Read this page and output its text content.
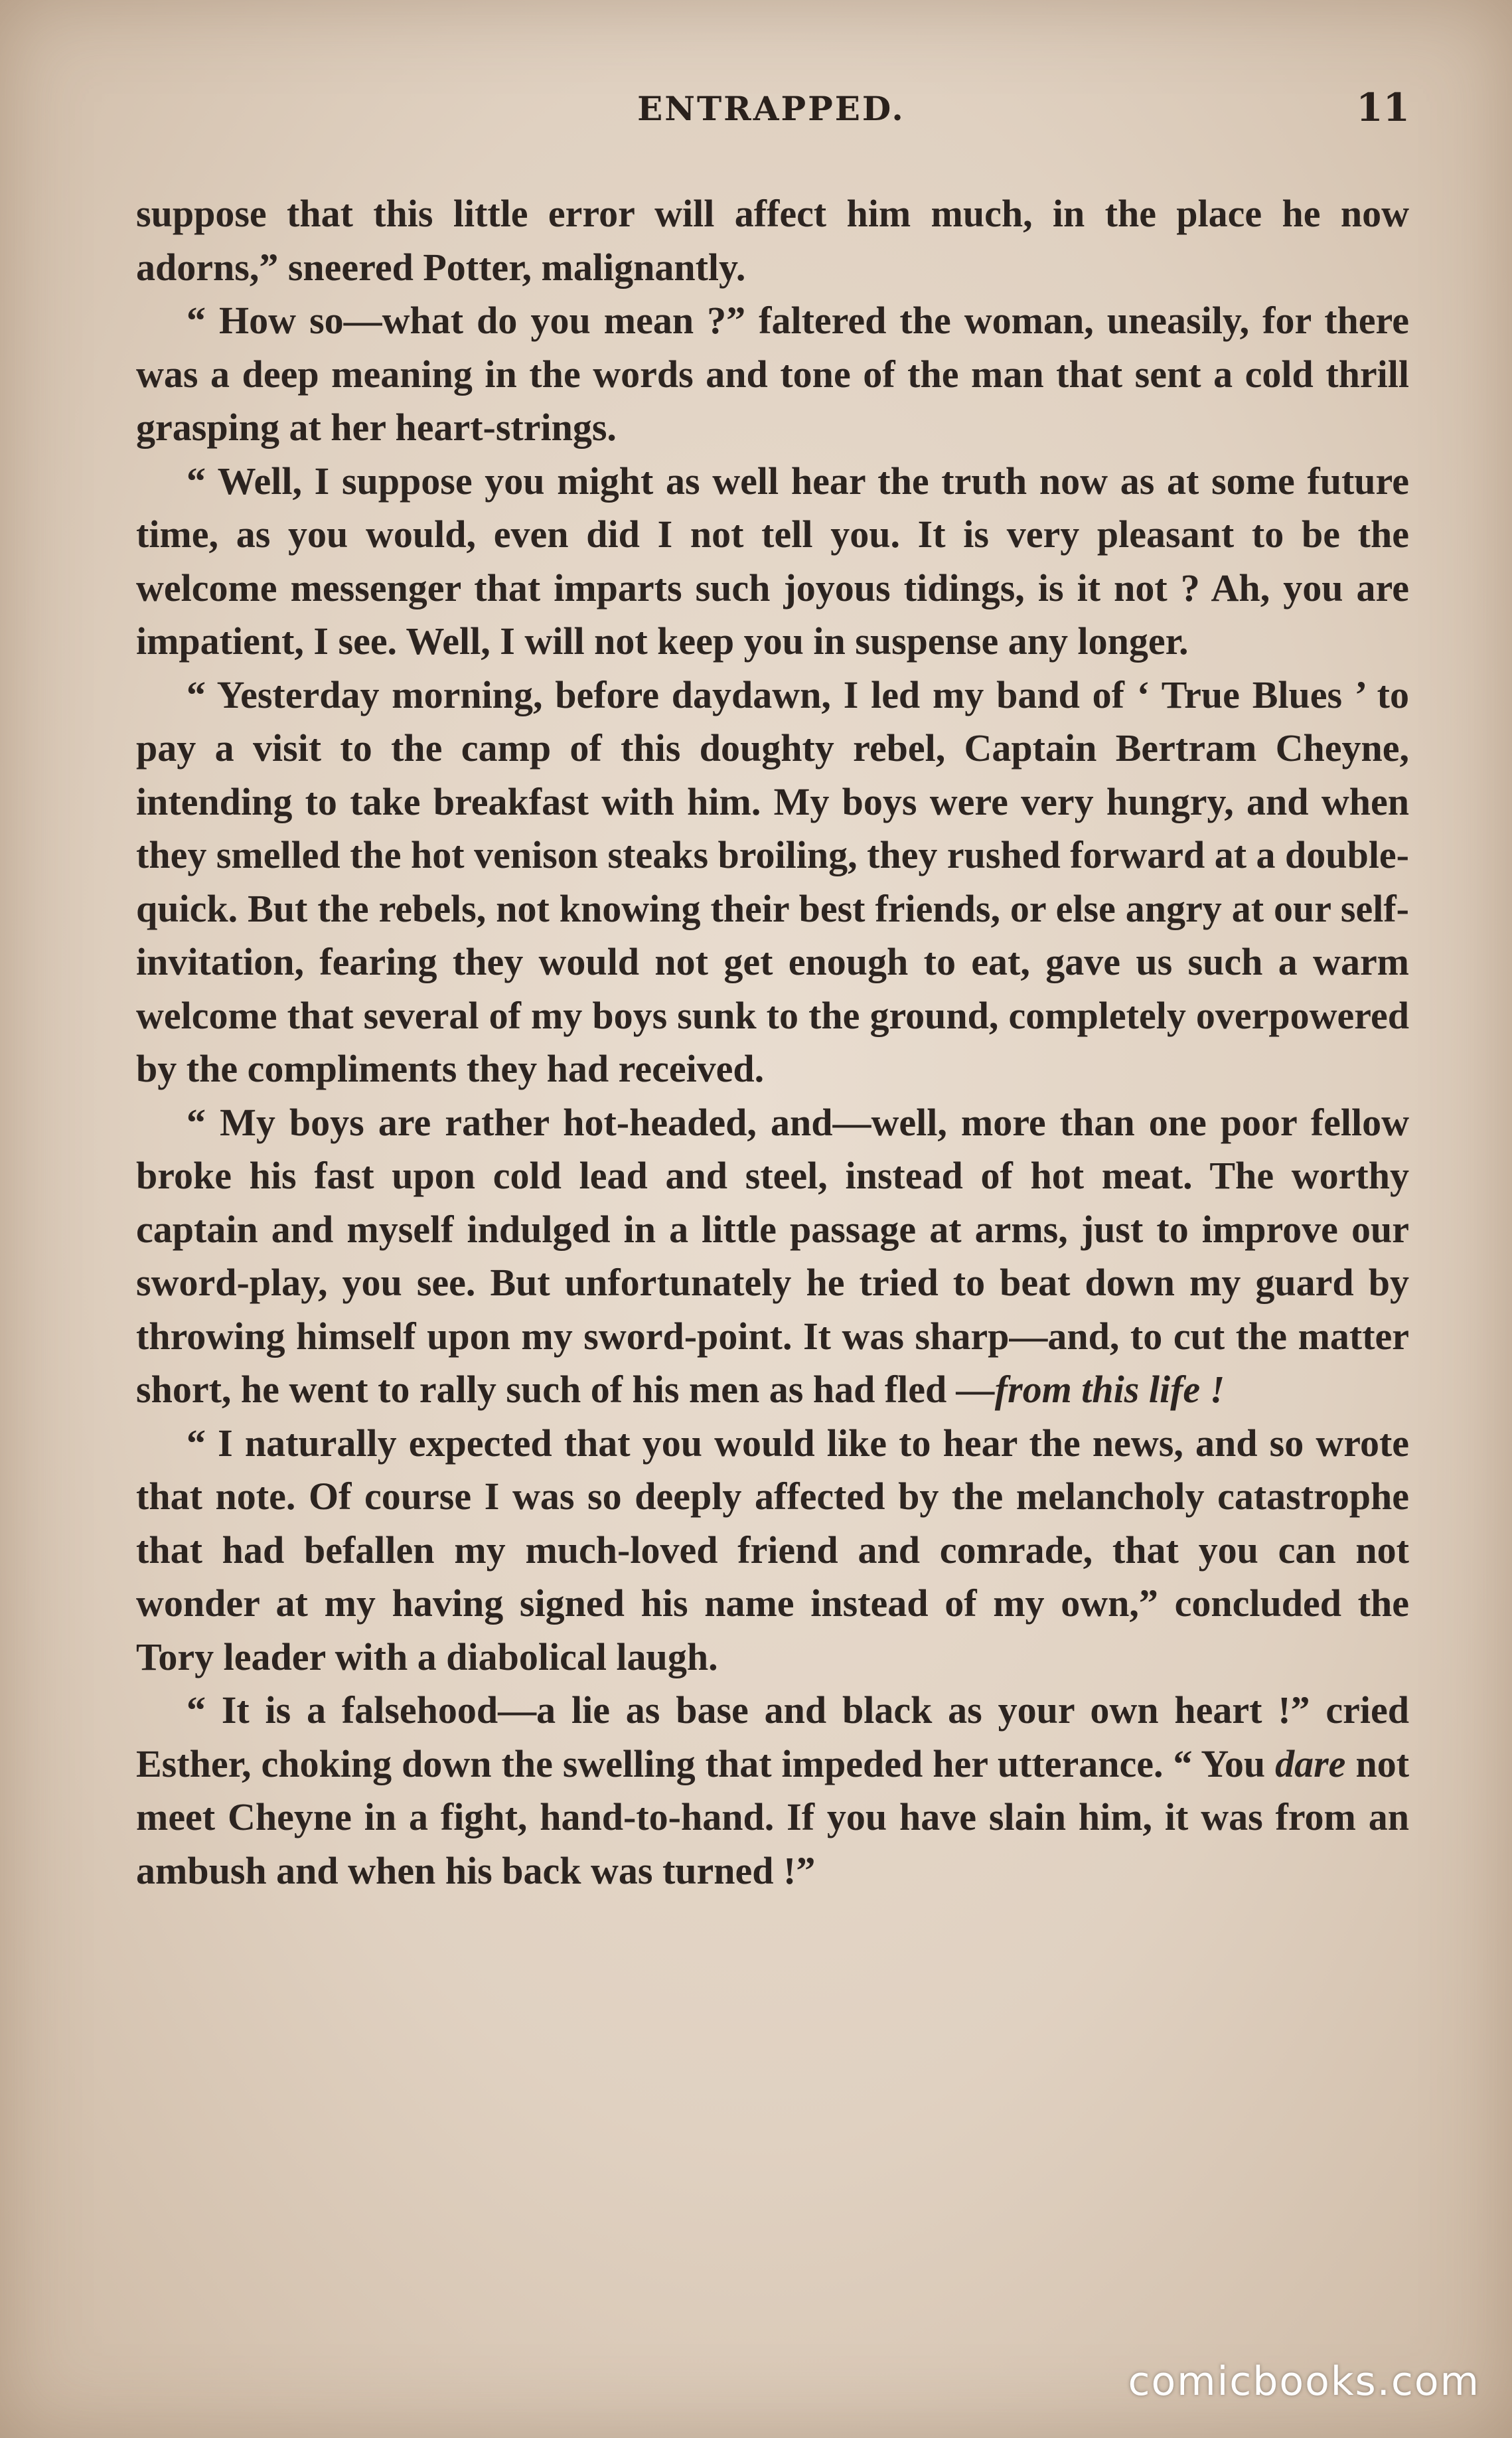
ENTRAPPED.	11

suppose that this little error will affect him much, in the place he now adorns,” sneered Potter, malignantly.

“ How so—what do you mean ?” faltered the woman, uneasily, for there was a deep meaning in the words and tone of the man that sent a cold thrill grasping at her heart-strings.

“ Well, I suppose you might as well hear the truth now as at some future time, as you would, even did I not tell you. It is very pleasant to be the welcome messenger that imparts such joyous tidings, is it not ? Ah, you are impatient, I see. Well, I will not keep you in suspense any longer.

“ Yesterday morning, before daydawn, I led my band of ‘ True Blues ’ to pay a visit to the camp of this doughty rebel, Captain Bertram Cheyne, intending to take breakfast with him. My boys were very hungry, and when they smelled the hot venison steaks broiling, they rushed forward at a double-quick. But the rebels, not knowing their best friends, or else angry at our self-invitation, fearing they would not get enough to eat, gave us such a warm welcome that several of my boys sunk to the ground, completely overpowered by the compliments they had received.

“ My boys are rather hot-headed, and—well, more than one poor fellow broke his fast upon cold lead and steel, instead of hot meat. The worthy captain and myself indulged in a little passage at arms, just to improve our sword-play, you see. But unfortunately he tried to beat down my guard by throwing himself upon my sword-point. It was sharp—and, to cut the matter short, he went to rally such of his men as had fled —from this life !

“ I naturally expected that you would like to hear the news, and so wrote that note. Of course I was so deeply affected by the melancholy catastrophe that had befallen my much-loved friend and comrade, that you can not wonder at my having signed his name instead of my own,” concluded the Tory leader with a diabolical laugh.

“ It is a falsehood—a lie as base and black as your own heart !” cried Esther, choking down the swelling that impeded her utterance. “ You dare not meet Cheyne in a fight, hand-to-hand. If you have slain him, it was from an ambush and when his back was turned !”

comicbooks.com
